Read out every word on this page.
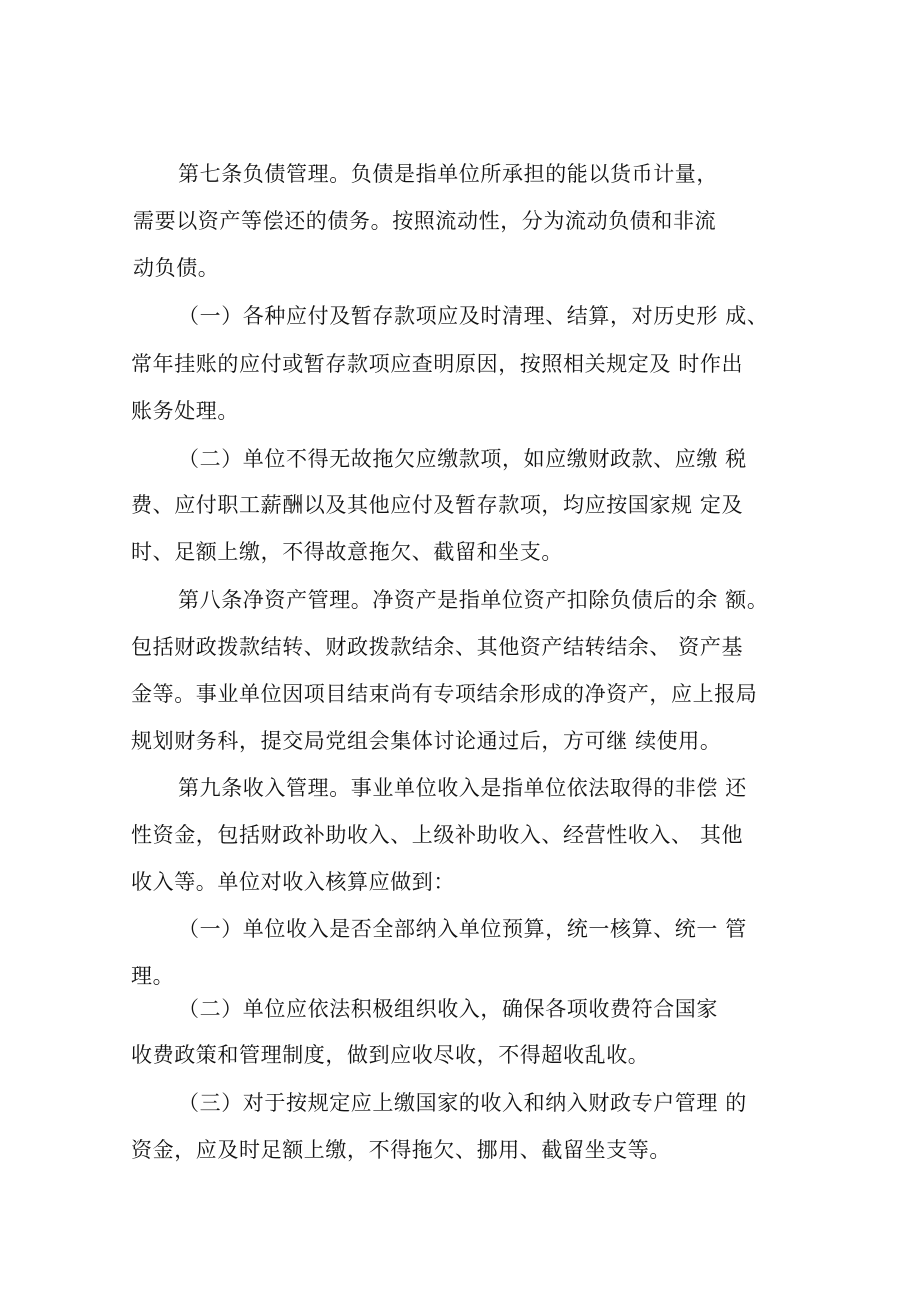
第七条负债管理。负债是指单位所承担的能以货币计量，
需要以资产等偿还的债务。按照流动性，分为流动负债和非流
动负债。
（一）各种应付及暂存款项应及时清理、结算，对历史形 成、
常年挂账的应付或暂存款项应查明原因，按照相关规定及 时作出
账务处理。
（二）单位不得无故拖欠应缴款项，如应缴财政款、应缴 税
费、应付职工薪酬以及其他应付及暂存款项，均应按国家规 定及
时、足额上缴，不得故意拖欠、截留和坐支。
第八条净资产管理。净资产是指单位资产扣除负债后的余 额。
包括财政拨款结转、财政拨款结余、其他资产结转结余、 资产基
金等。事业单位因项目结束尚有专项结余形成的净资产，应上报局
规划财务科，提交局党组会集体讨论通过后，方可继 续使用。
第九条收入管理。事业单位收入是指单位依法取得的非偿 还
性资金，包括财政补助收入、上级补助收入、经营性收入、 其他
收入等。单位对收入核算应做到：
（一）单位收入是否全部纳入单位预算，统一核算、统一 管
理。
（二）单位应依法积极组织收入，确保各项收费符合国家
收费政策和管理制度，做到应收尽收，不得超收乱收。
（三）对于按规定应上缴国家的收入和纳入财政专户管理 的
资金，应及时足额上缴，不得拖欠、挪用、截留坐支等。
